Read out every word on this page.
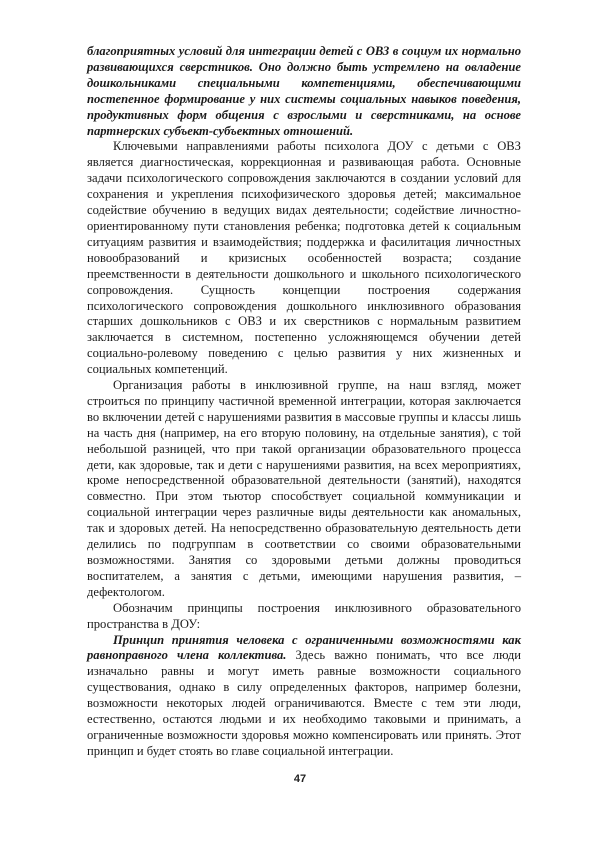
благоприятных условий для интеграции детей с ОВЗ в социум их нормально развивающихся сверстников. Оно должно быть устремлено на овладение дошкольниками специальными компетенциями, обеспечивающими постепенное формирование у них системы социальных навыков поведения, продуктивных форм общения с взрослыми и сверстниками, на основе партнерских субъект-субъектных отношений.

Ключевыми направлениями работы психолога ДОУ с детьми с ОВЗ является диагностическая, коррекционная и развивающая работа. Основные задачи психологического сопровождения заключаются в создании условий для сохранения и укрепления психофизического здоровья детей; максимальное содействие обучению в ведущих видах деятельности; содействие личностно-ориентированному пути становления ребенка; подготовка детей к социальным ситуациям развития и взаимодействия; поддержка и фасилитация личностных новообразований и кризисных особенностей возраста; создание преемственности в деятельности дошкольного и школьного психологического сопровождения. Сущность концепции построения содержания психологического сопровождения дошкольного инклюзивного образования старших дошкольников с ОВЗ и их сверстников с нормальным развитием заключается в системном, постепенно усложняющемся обучении детей социально-ролевому поведению с целью развития у них жизненных и социальных компетенций.

Организация работы в инклюзивной группе, на наш взгляд, может строиться по принципу частичной временной интеграции, которая заключается во включении детей с нарушениями развития в массовые группы и классы лишь на часть дня (например, на его вторую половину, на отдельные занятия), с той небольшой разницей, что при такой организации образовательного процесса дети, как здоровые, так и дети с нарушениями развития, на всех мероприятиях, кроме непосредственной образовательной деятельности (занятий), находятся совместно. При этом тьютор способствует социальной коммуникации и социальной интеграции через различные виды деятельности как аномальных, так и здоровых детей. На непосредственно образовательную деятельность дети делились по подгруппам в соответствии со своими образовательными возможностями. Занятия со здоровыми детьми должны проводиться воспитателем, а занятия с детьми, имеющими нарушения развития, – дефектологом.

Обозначим принципы построения инклюзивного образовательного пространства в ДОУ:

Принцип принятия человека с ограниченными возможностями как равноправного члена коллектива. Здесь важно понимать, что все люди изначально равны и могут иметь равные возможности социального существования, однако в силу определенных факторов, например болезни, возможности некоторых людей ограничиваются. Вместе с тем эти люди, естественно, остаются людьми и их необходимо таковыми и принимать, а ограниченные возможности здоровья можно компенсировать или принять. Этот принцип и будет стоять во главе социальной интеграции.

47
